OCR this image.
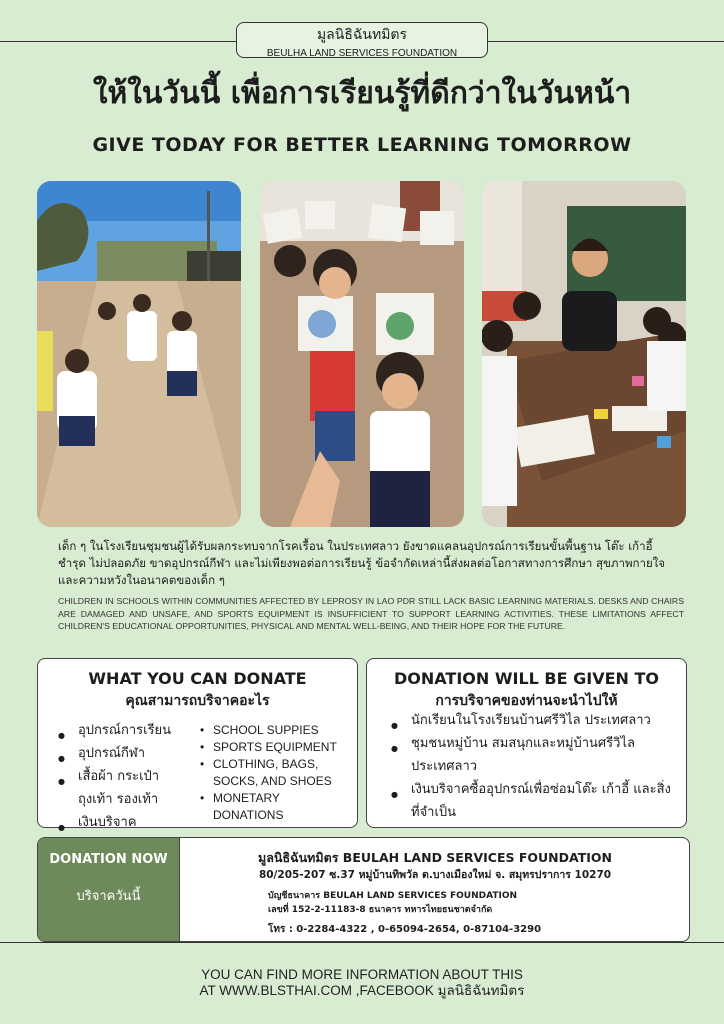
มูลนิธิฉันทมิตร
BEULHA LAND SERVICES FOUNDATION
ให้ในวันนี้ เพื่อการเรียนรู้ที่ดีกว่าในวันหน้า
GIVE TODAY FOR BETTER LEARNING TOMORROW
เด็ก ๆ ในโรงเรียนชุมชนผู้ได้รับผลกระทบจากโรคเรื้อน ในประเทศลาว ยังขาดแคลนอุปกรณ์การเรียนขั้นพื้นฐาน โต๊ะ เก้าอี้ ชำรุด ไม่ปลอดภัย ขาดอุปกรณ์กีฬา และไม่เพียงพอต่อการเรียนรู้ ข้อจำกัดเหล่านี้ส่งผลต่อโอกาสทางการศึกษา สุขภาพกายใจ และความหวังในอนาคตของเด็ก ๆ
CHILDREN IN SCHOOLS WITHIN COMMUNITIES AFFECTED BY LEPROSY IN LAO PDR STILL LACK BASIC LEARNING MATERIALS. DESKS AND CHAIRS ARE DAMAGED AND UNSAFE, AND SPORTS EQUIPMENT IS INSUFFICIENT TO SUPPORT LEARNING ACTIVITIES. THESE LIMITATIONS AFFECT CHILDREN'S EDUCATIONAL OPPORTUNITIES, PHYSICAL AND MENTAL WELL-BEING, AND THEIR HOPE FOR THE FUTURE.
WHAT YOU CAN DONATE
คุณสามารถบริจาคอะไร
● อุปกรณ์การเรียน
● อุปกรณ์กีฬา
● เสื้อผ้า กระเป๋า ถุงเท้า รองเท้า
● เงินบริจาค
• SCHOOL SUPPIES
• SPORTS EQUIPMENT
• CLOTHING, BAGS, SOCKS, AND SHOES
• MONETARY DONATIONS
DONATION WILL BE GIVEN TO
การบริจาคของท่านจะนำไปให้
● นักเรียนในโรงเรียนบ้านศรีวิไล ประเทศลาว
● ชุมชนหมู่บ้าน สมสนุกและหมู่บ้านศรีวิไล ประเทศลาว
● เงินบริจาคซื้ออุปกรณ์เพื่อซ่อมโต๊ะ เก้าอี้ และสิ่งที่จำเป็น
DONATION NOW
บริจาควันนี้
มูลนิธิฉันทมิตร BEULAH LAND SERVICES FOUNDATION
80/205-207 ซ.37 หมู่บ้านทิพวัล ต.บางเมืองใหม่ จ. สมุทรปราการ 10270
บัญชีธนาคาร BEULAH LAND SERVICES FOUNDATION
เลขที่ 152-2-11183-8 ธนาคาร ทหารไทยธนชาตจำกัด
โทร : 0-2284-4322 , 0-65094-2654, 0-87104-3290
YOU CAN FIND MORE INFORMATION ABOUT THIS
AT WWW.BLSTHAI.COM ,FACEBOOK มูลนิธิฉันทมิตร
